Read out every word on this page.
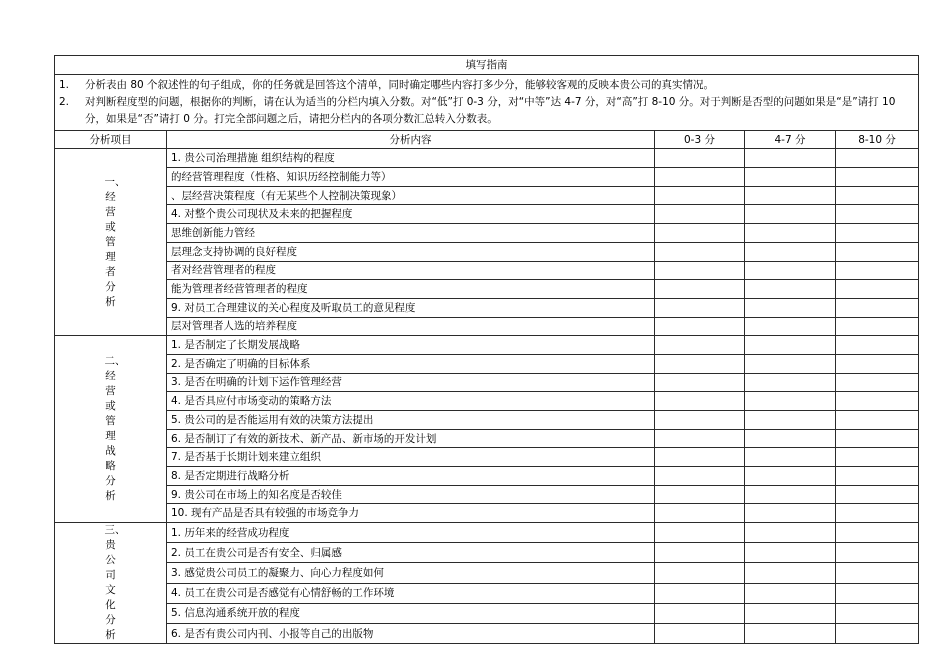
填写指南				

1. 分析表由 80 个叙述性的句子组成，你的任务就是回答这个清单，同时确定哪些内容打多少分，能够较客观的反映本贵公司的真实情况。
2. 对判断程度型的问题，根据你的判断，请在认为适当的分栏内填入分数。对“低”打 0-3 分，对“中等”达 4-7 分，对“高”打 8-10 分。对于判断是否型的问题如果是“是”请打 10 分，如果是“否”请打 0 分。打完全部问题之后，请把分栏内的各项分数汇总转入分数表。				

分析项目	分析内容	0-3 分	4-7 分	8-10 分
一、经营或管理者分析	1. 贵公司治理措施 组织结构的程度			
	的经营管理程度（性格、知识历经控制能力等）			
	、层经营决策程度（有无某些个人控制决策现象）			
	4. 对整个贵公司现状及未来的把握程度			
	思维创新能力管经			
	层理念支持协调的良好程度			
	者对经营管理者的程度			
	能为管理者经营管理者的程度			
	9. 对员工合理建议的关心程度及听取员工的意见程度			
	层对管理者人选的培养程度			
二、经营或管理战略分析	1. 是否制定了长期发展战略			
	2. 是否确定了明确的目标体系			
	3. 是否在明确的计划下运作管理经营			
	4. 是否具应付市场变动的策略方法			
	5. 贵公司的是否能运用有效的决策方法提出			
	6. 是否制订了有效的新技术、新产品、新市场的开发计划			
	7. 是否基于长期计划来建立组织			
	8. 是否定期进行战略分析			
	9. 贵公司在市场上的知名度是否较佳			
	10. 现有产品是否具有较强的市场竞争力			
三、贵公司文化分析	1. 历年来的经营成功程度			
	2. 员工在贵公司是否有安全、归属感			
	3. 感觉贵公司员工的凝聚力、向心力程度如何			
	4. 员工在贵公司是否感觉有心情舒畅的工作环境			
	5. 信息沟通系统开放的程度			
	6. 是否有贵公司内刊、小报等自己的出版物			
